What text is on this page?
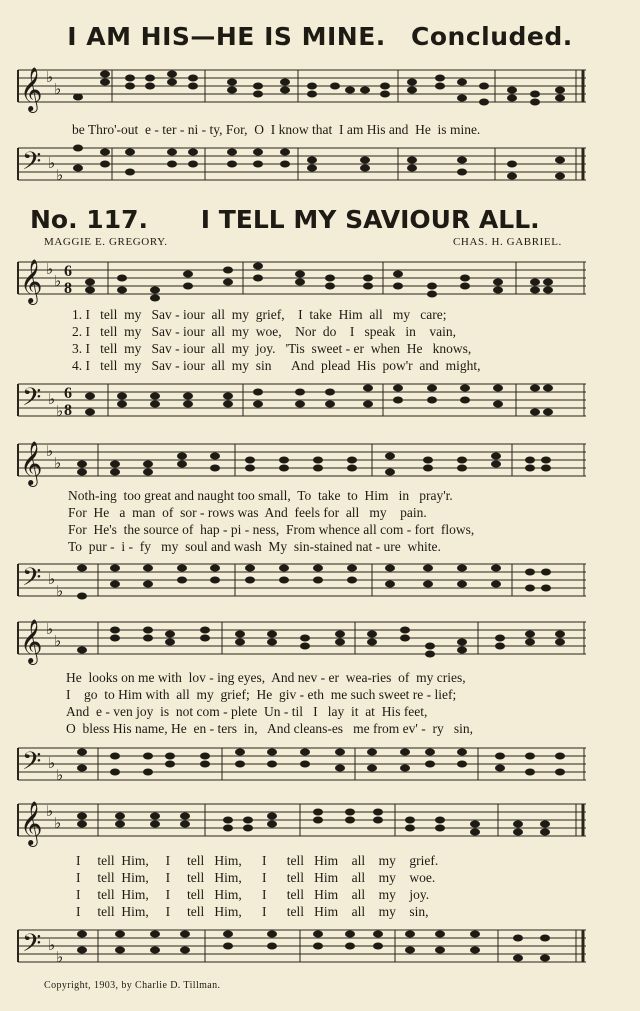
I AM HIS—HE IS MINE. Concluded.
𝄞 ♭
♭
be Thro'-out  e - ter - ni - ty, For,  O  I know that  I am His and  He  is mine.
𝄢 ♭
♭
No. 117. I TELL MY SAVIOUR ALL.
MAGGIE E. GREGORY.	CHAS. H. GABRIEL.
𝄞 ♭
♭
6
8
1. I   tell  my   Sav - iour  all  my  grief,    I  take  Him  all   my   care;
2. I   tell  my   Sav - iour  all  my  woe,    Nor  do    I   speak   in    vain,
3. I   tell  my   Sav - iour  all  my  joy.   'Tis  sweet - er  when  He   knows,
4. I   tell  my   Sav - iour  all  my  sin      And  plead  His  pow'r  and  might,
𝄢 ♭
♭
6
8
𝄞 ♭
♭
Noth-ing  too great and naught too small,  To  take  to  Him   in   pray'r.
For  He   a  man  of  sor - rows was  And  feels for  all   my    pain.
For  He's  the source of  hap - pi - ness,  From whence all com - fort  flows,
To  pur -  i -  fy   my  soul and wash  My  sin-stained nat - ure  white.
𝄢 ♭
♭
𝄞 ♭
♭
He  looks on me with  lov - ing eyes,  And nev - er  wea-ries  of  my cries,
I    go  to Him with  all  my  grief;  He  giv - eth  me such sweet re - lief;
And  e - ven joy  is  not com - plete  Un - til   I   lay  it  at  His feet,
O  bless His name, He  en - ters  in,   And cleans-es   me from ev' -  ry   sin,
𝄢 ♭
♭
𝄞 ♭
♭
I     tell  Him,     I     tell   Him,      I      tell   Him    all    my    grief.
I     tell  Him,     I     tell   Him,      I      tell   Him    all    my    woe.
I     tell  Him,     I     tell   Him,      I      tell   Him    all    my    joy.
I     tell  Him,     I     tell   Him,      I      tell   Him    all    my    sin,
𝄢 ♭
♭
Copyright, 1903, by Charlie D. Tillman.
